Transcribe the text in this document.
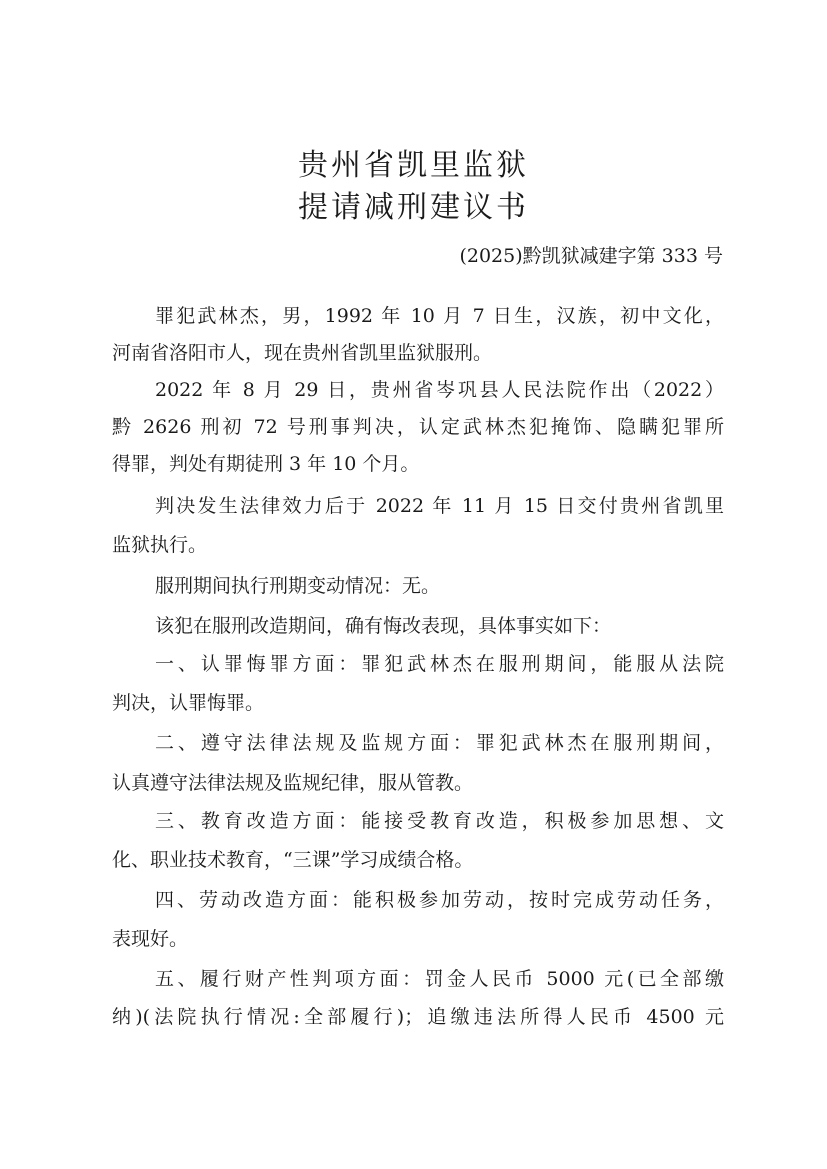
贵州省凯里监狱
提请减刑建议书
(2025)黔凯狱减建字第 333 号
罪犯武林杰，男，1992 年 10 月 7 日生，汉族，初中文化，
河南省洛阳市人，现在贵州省凯里监狱服刑。
2022 年 8 月 29 日，贵州省岑巩县人民法院作出（2022）
黔 2626 刑初 72 号刑事判决，认定武林杰犯掩饰、隐瞒犯罪所
得罪，判处有期徒刑 3 年 10 个月。
判决发生法律效力后于 2022 年 11 月 15 日交付贵州省凯里
监狱执行。
服刑期间执行刑期变动情况：无。
该犯在服刑改造期间，确有悔改表现，具体事实如下：
一、认罪悔罪方面：罪犯武林杰在服刑期间，能服从法院
判决，认罪悔罪。
二、遵守法律法规及监规方面：罪犯武林杰在服刑期间，
认真遵守法律法规及监规纪律，服从管教。
三、教育改造方面：能接受教育改造，积极参加思想、文
化、职业技术教育，“三课”学习成绩合格。
四、劳动改造方面：能积极参加劳动，按时完成劳动任务，
表现好。
五、履行财产性判项方面：罚金人民币 5000 元(已全部缴
纳)(法院执行情况:全部履行)；追缴违法所得人民币 4500 元
